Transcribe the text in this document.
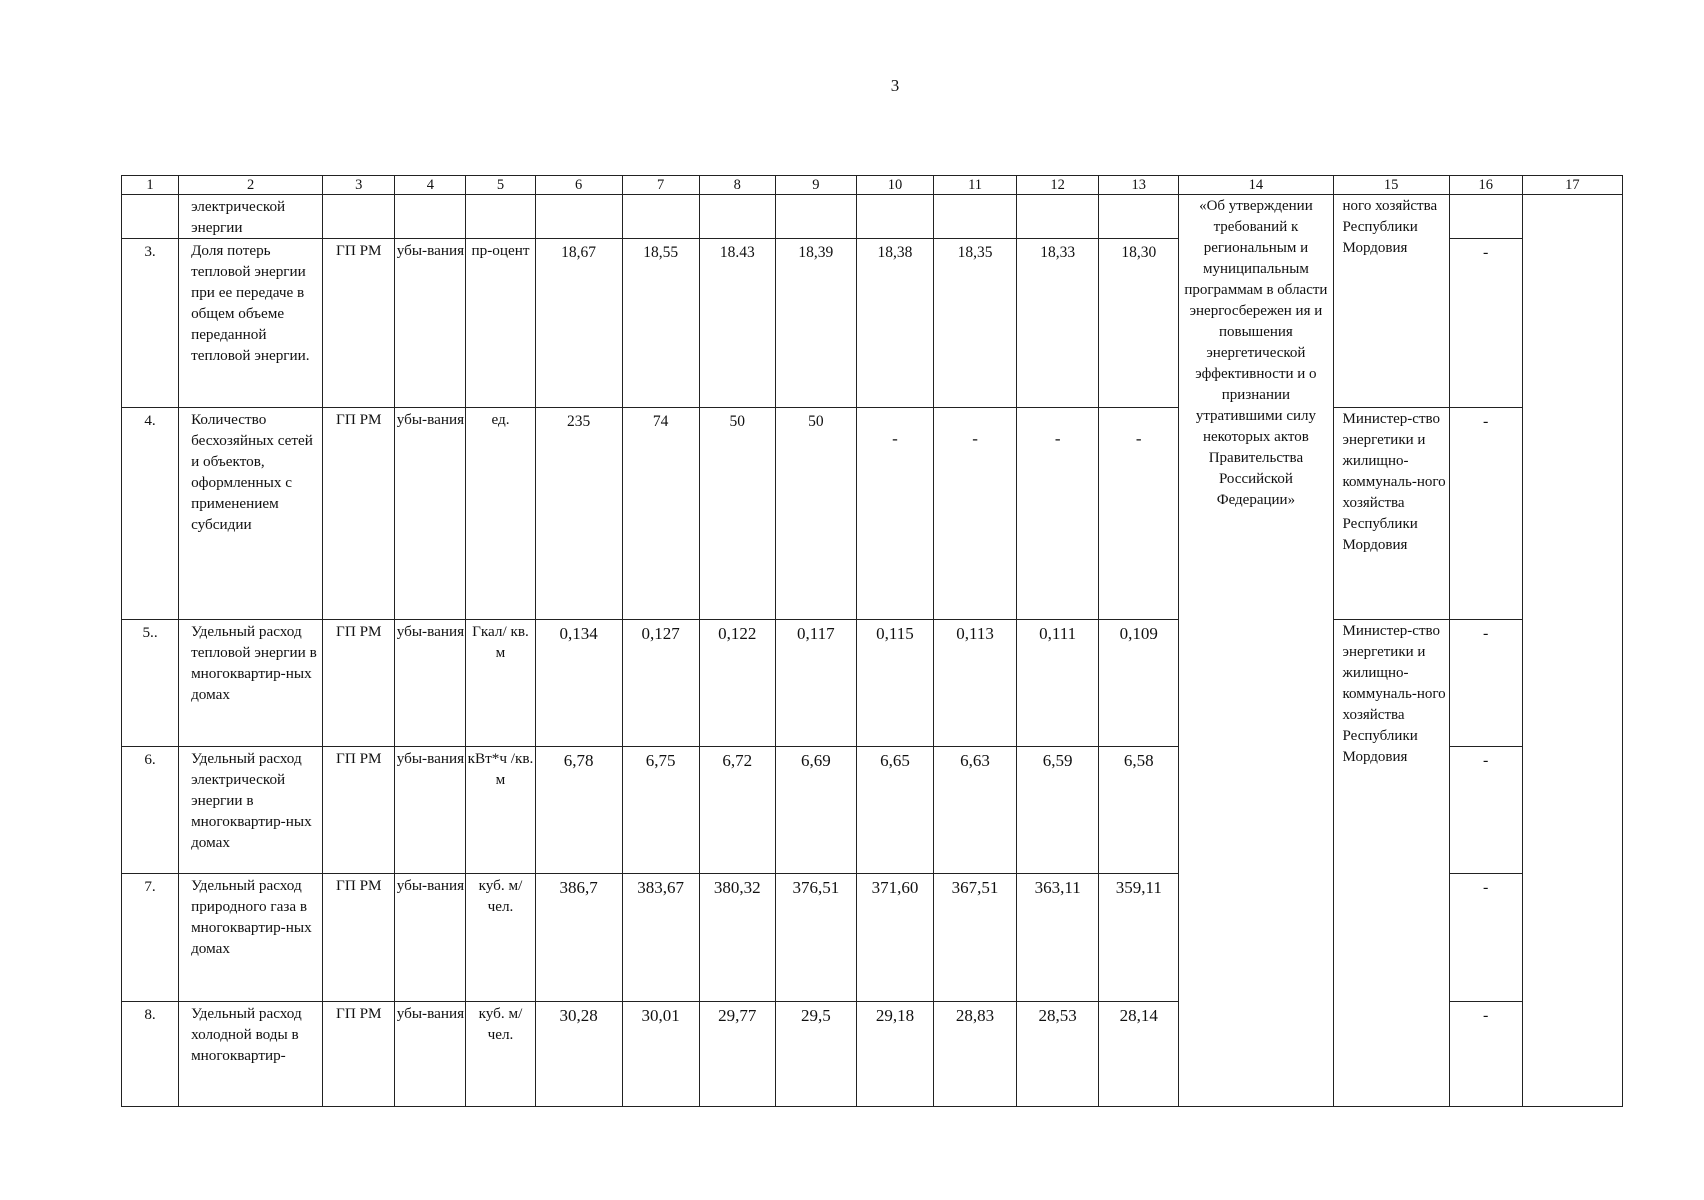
3
1	2	3	4	5	6	7	8	9	10	11	12	13	14	15	16	17
	электрической энергии												«Об утверждении требований к региональным и муниципальным программам в области энергосбережен ия и повышения энергетической эффективности и о признании утратившими силу некоторых актов Правительства Российской Федерации»	ного хозяйства Республики Мордовия		
3.	Доля потерь тепловой энергии при ее передаче в общем объеме переданной тепловой энергии.	ГП РМ	убы-вания	пр-оцент	18,67	18,55	18.43	18,39	18,38	18,35	18,33	18,30			-	
4.	Количество бесхозяйных сетей и объектов, оформленных с применением субсидии	ГП РМ	убы-вания	ед.	235	74	50	50	-	-	-	-		Министер-ство энергетики и жилищно-коммуналь-ного хозяйства Республики Мордовия	-	
5..	Удельный расход тепловой энергии в многоквартир-ных домах	ГП РМ	убы-вания	Гкал/ кв. м	0,134	0,127	0,122	0,117	0,115	0,113	0,111	0,109		Министер-ство энергетики и жилищно-коммуналь-ного хозяйства Республики Мордовия	-	
6.	Удельный расход электрической энергии в многоквартир-ных домах	ГП РМ	убы-вания	кВт*ч /кв. м	6,78	6,75	6,72	6,69	6,65	6,63	6,59	6,58			-	
7.	Удельный расход природного газа в многоквартир-ных домах	ГП РМ	убы-вания	куб. м/чел.	386,7	383,67	380,32	376,51	371,60	367,51	363,11	359,11			-	
8.	Удельный расход холодной воды в многоквартир-	ГП РМ	убы-вания	куб. м/чел.	30,28	30,01	29,77	29,5	29,18	28,83	28,53	28,14			-	
